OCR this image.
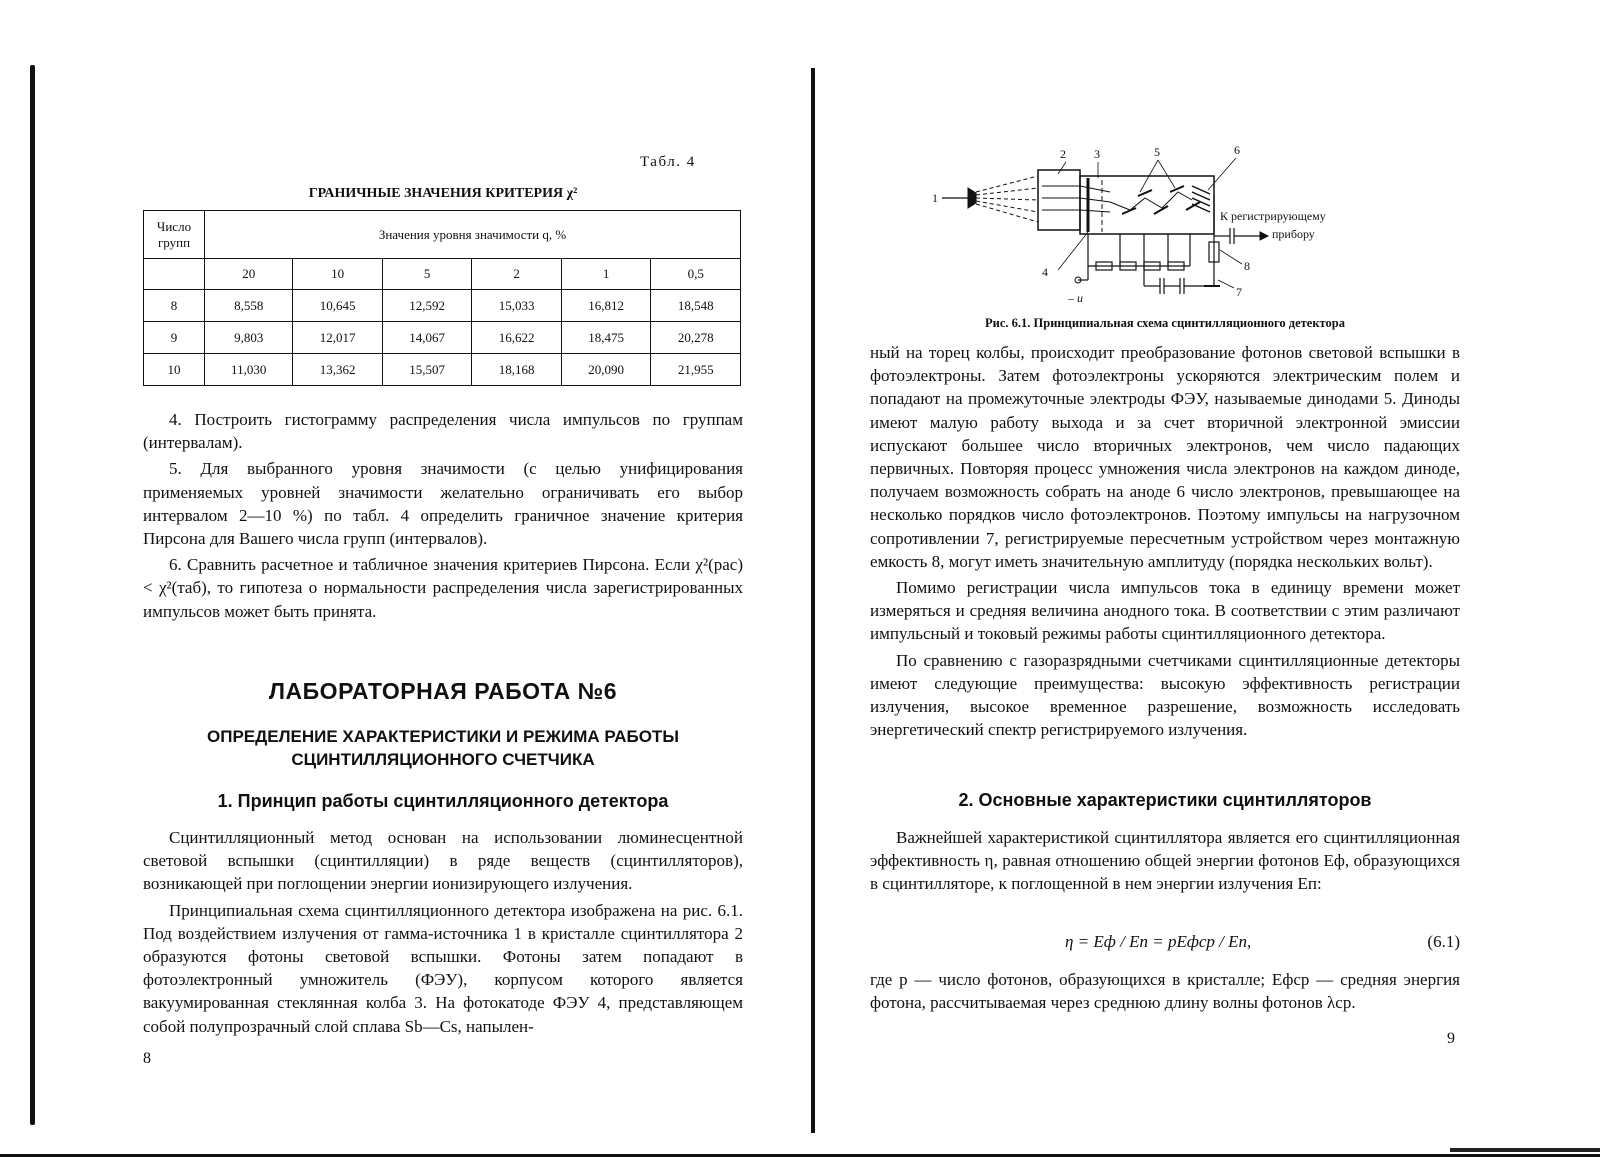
Табл. 4
ГРАНИЧНЫЕ ЗНАЧЕНИЯ КРИТЕРИЯ χ²
Число групп	Значения уровня значимости q, %					
	20	10	5	2	1	0,5
8	8,558	10,645	12,592	15,033	16,812	18,548
9	9,803	12,017	14,067	16,622	18,475	20,278
10	11,030	13,362	15,507	18,168	20,090	21,955

4. Построить гистограмму распределения числа импульсов по группам (интервалам).

5. Для выбранного уровня значимости (с целью унифицирования применяемых уровней значимости желательно ограничивать его выбор интервалом 2—10 %) по табл. 4 определить граничное значение критерия Пирсона для Вашего числа групп (интервалов).

6. Сравнить расчетное и табличное значения критериев Пирсона. Если χ²(рас) < χ²(таб), то гипотеза о нормальности распределения числа зарегистрированных импульсов может быть принята.

ЛАБОРАТОРНАЯ РАБОТА №6
ОПРЕДЕЛЕНИЕ ХАРАКТЕРИСТИКИ И РЕЖИМА РАБОТЫ
СЦИНТИЛЛЯЦИОННОГО СЧЕТЧИКА
1. Принцип работы сцинтилляционного детектора

Сцинтилляционный метод основан на использовании люминесцентной световой вспышки (сцинтилляции) в ряде веществ (сцинтилляторов), возникающей при поглощении энергии ионизирующего излучения.

Принципиальная схема сцинтилляционного детектора изображена на рис. 6.1. Под воздействием излучения от гамма-источника 1 в кристалле сцинтиллятора 2 образуются фотоны световой вспышки. Фотоны затем попадают в фотоэлектронный умножитель (ФЭУ), корпусом которого является вакуумированная стеклянная колба 3. На фотокатоде ФЭУ 4, представляющем собой полупрозрачный слой сплава Sb—Cs, напылен-

8
1
2 3	5	6
4	8
7
К регистрирующему
прибору
– u
Рис. 6.1. Принципиальная схема сцинтилляционного детектора

ный на торец колбы, происходит преобразование фотонов световой вспышки в фотоэлектроны. Затем фотоэлектроны ускоряются электрическим полем и попадают на промежуточные электроды ФЭУ, называемые динодами 5. Диноды имеют малую работу выхода и за счет вторичной электронной эмиссии испускают большее число вторичных электронов, чем число падающих первичных. Повторяя процесс умножения числа электронов на каждом диноде, получаем возможность собрать на аноде 6 число электронов, превышающее на несколько порядков число фотоэлектронов. Поэтому импульсы на нагрузочном сопротивлении 7, регистрируемые пересчетным устройством через монтажную емкость 8, могут иметь значительную амплитуду (порядка нескольких вольт).

Помимо регистрации числа импульсов тока в единицу времени может измеряться и средняя величина анодного тока. В соответствии с этим различают импульсный и токовый режимы работы сцинтилляционного детектора.

По сравнению с газоразрядными счетчиками сцинтилляционные детекторы имеют следующие преимущества: высокую эффективность регистрации излучения, высокое временное разрешение, возможность исследовать энергетический спектр регистрируемого излучения.

2. Основные характеристики сцинтилляторов

Важнейшей характеристикой сцинтиллятора является его сцинтилляционная эффективность η, равная отношению общей энергии фотонов Eф, образующихся в сцинтилляторе, к поглощенной в нем энергии излучения Eп:

η = Eф / Eп = pEфср / Eп,	(6.1)

где p — число фотонов, образующихся в кристалле; Eфср — средняя энергия фотона, рассчитываемая через среднюю длину волны фотонов λср.

9
